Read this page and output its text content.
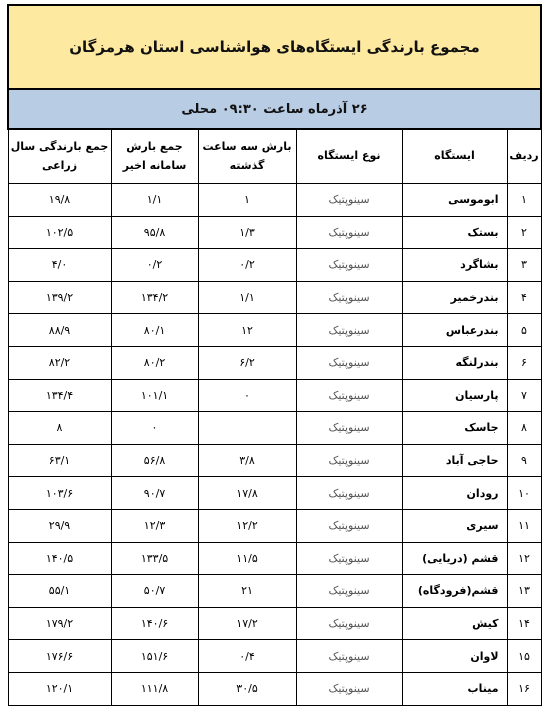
مجموع بارندگی ایستگاه‌های هواشناسی استان هرمزگان					
۲۶ آذرماه ساعت ۰۹:۳۰ محلی					
ردیف	ایستگاه	نوع ایستگاه	بارش سه ساعت گذشته	جمع بارش سامانه اخیر	جمع بارندگی سال زراعی
۱	ابوموسی	سینوپتیک	۱	۱/۱	۱۹/۸
۲	بستک	سینوپتیک	۱/۳	۹۵/۸	۱۰۲/۵
۳	بشاگرد	سینوپتیک	۰/۲	۰/۲	۴/۰
۴	بندرخمیر	سینوپتیک	۱/۱	۱۳۴/۲	۱۳۹/۲
۵	بندرعباس	سینوپتیک	۱۲	۸۰/۱	۸۸/۹
۶	بندرلنگه	سینوپتیک	۶/۲	۸۰/۲	۸۲/۲
۷	پارسیان	سینوپتیک	۰	۱۰۱/۱	۱۳۴/۴
۸	جاسک	سینوپتیک		۰	۸
۹	حاجی آباد	سینوپتیک	۳/۸	۵۶/۸	۶۳/۱
۱۰	رودان	سینوپتیک	۱۷/۸	۹۰/۷	۱۰۳/۶
۱۱	سیری	سینوپتیک	۱۲/۲	۱۲/۳	۲۹/۹
۱۲	قشم (دریایی)	سینوپتیک	۱۱/۵	۱۳۳/۵	۱۴۰/۵
۱۳	قشم(فرودگاه)	سینوپتیک	۲۱	۵۰/۷	۵۵/۱
۱۴	کیش	سینوپتیک	۱۷/۲	۱۴۰/۶	۱۷۹/۲
۱۵	لاوان	سینوپتیک	۰/۴	۱۵۱/۶	۱۷۶/۶
۱۶	میناب	سینوپتیک	۳۰/۵	۱۱۱/۸	۱۲۰/۱
